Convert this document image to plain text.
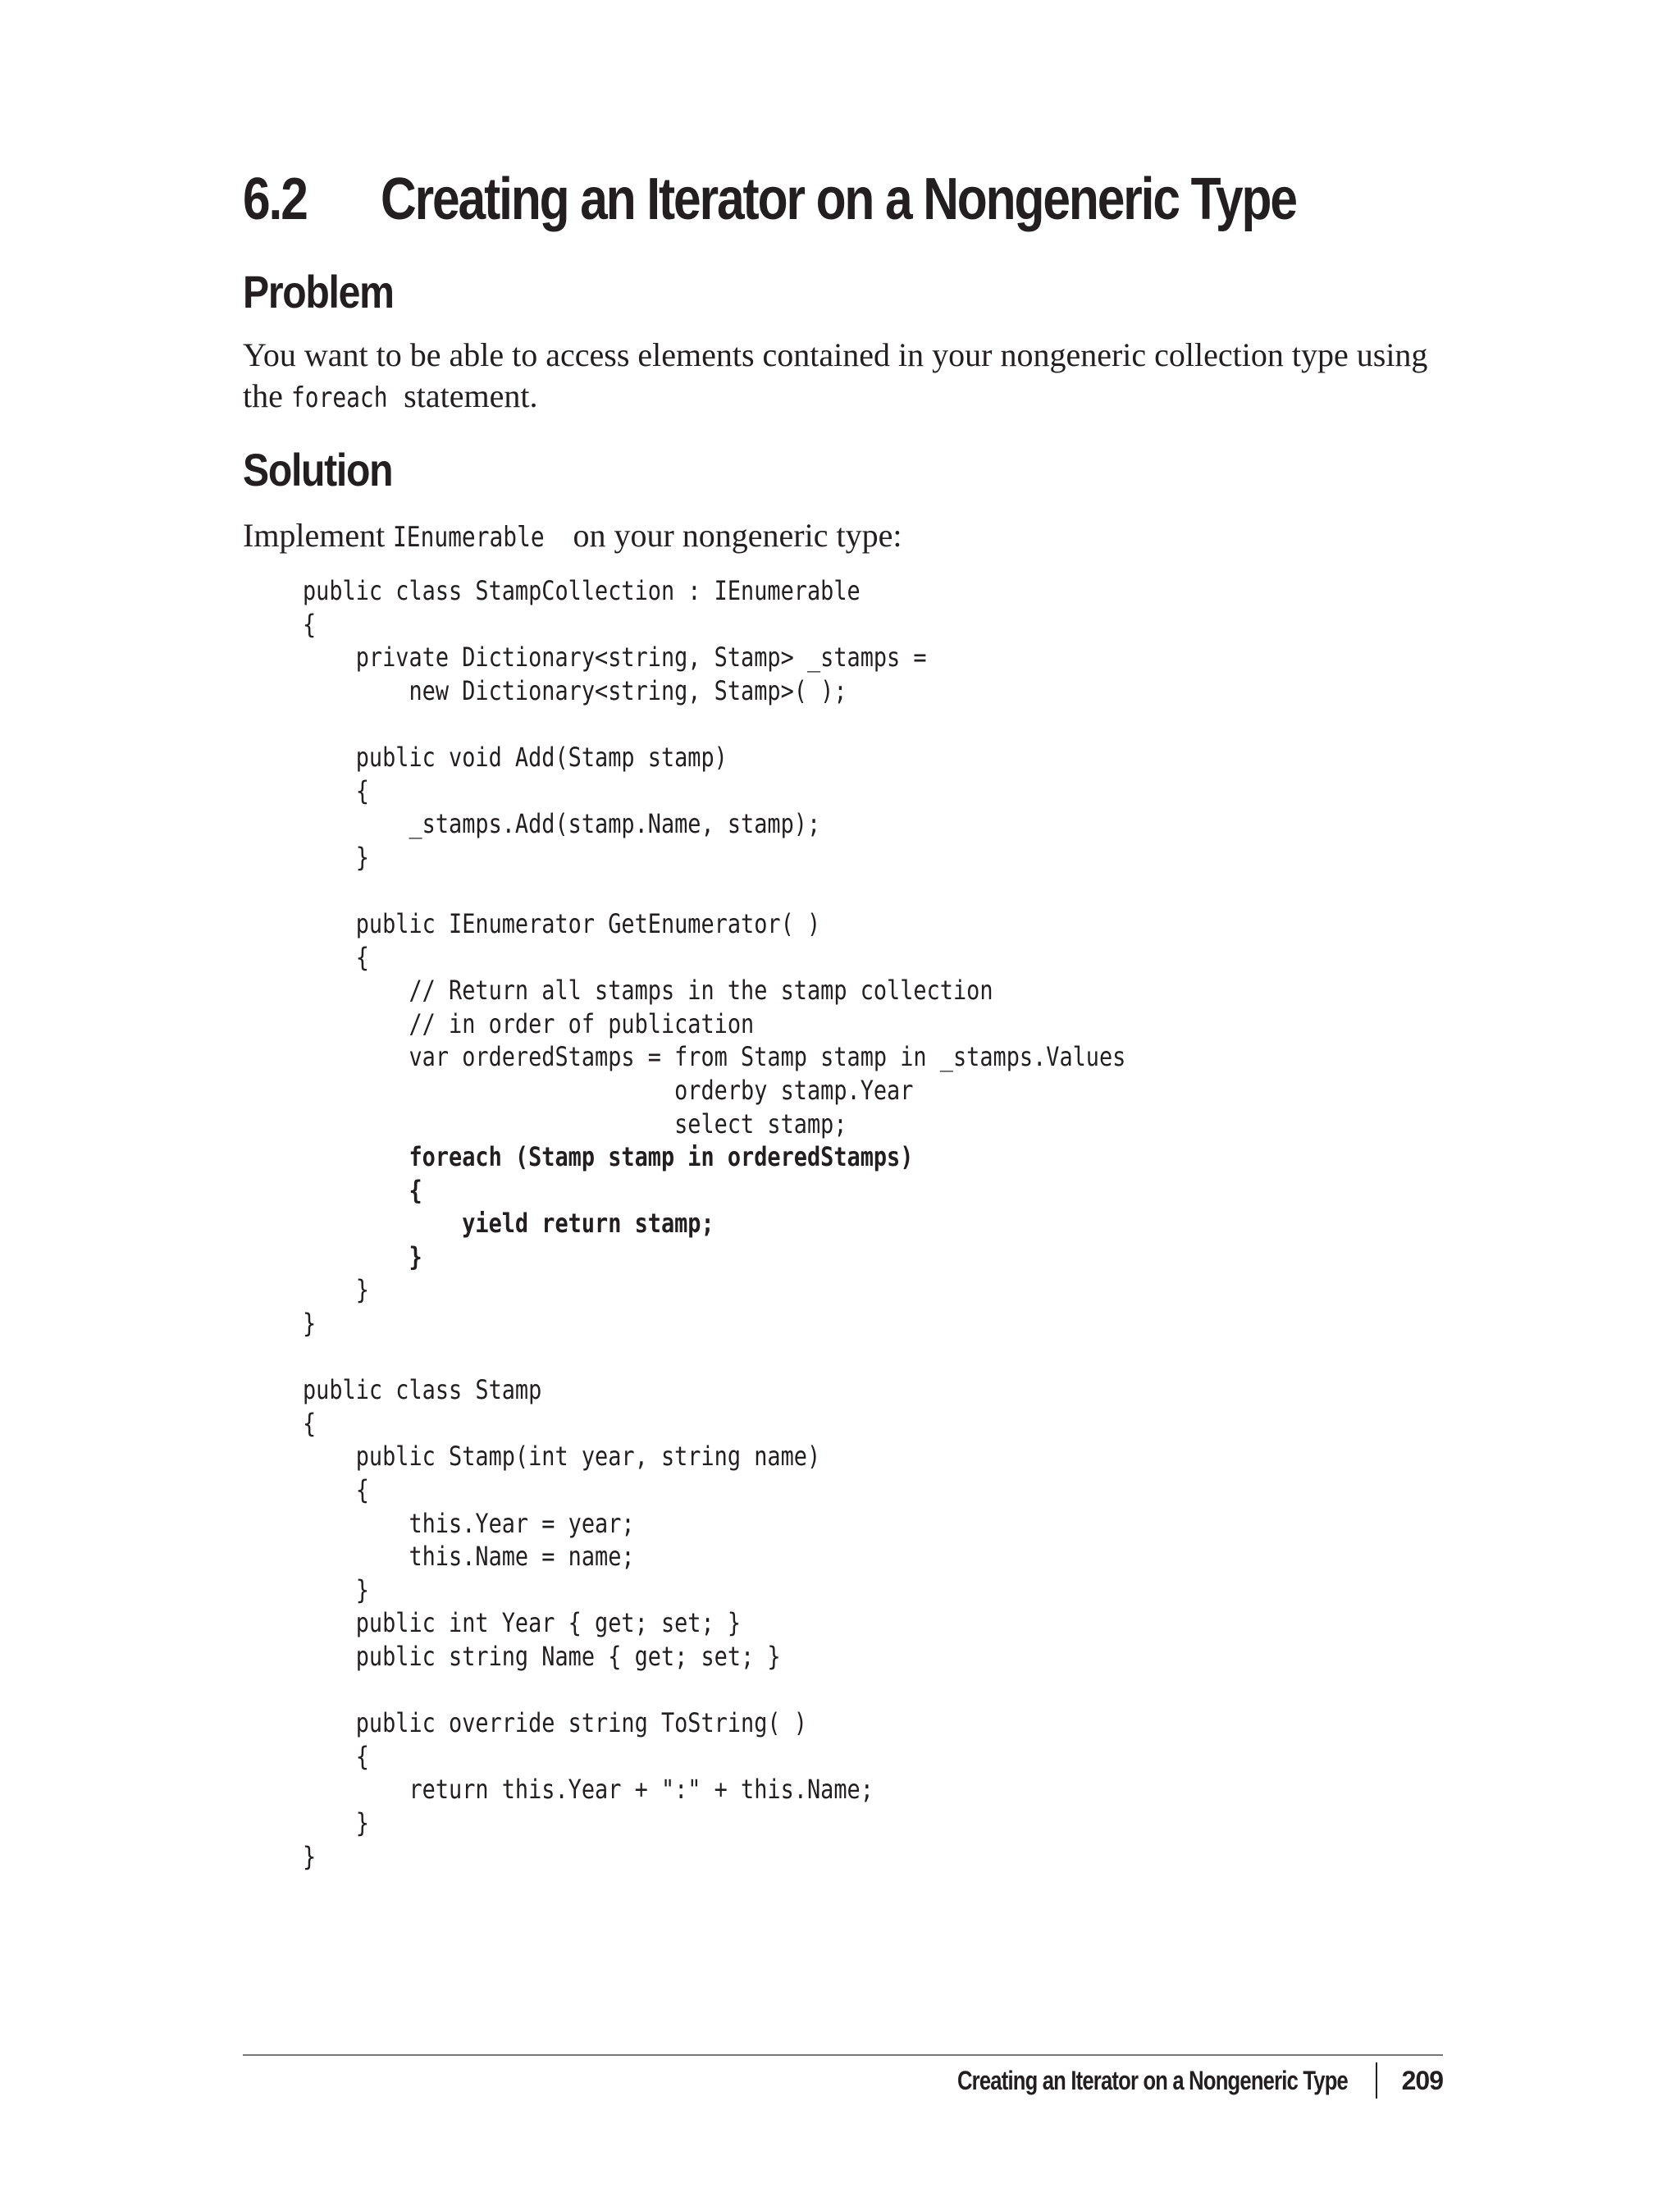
6.2 Creating an Iterator on a Nongeneric Type
Problem

You want to be able to access elements contained in your nongeneric collection type using the foreach statement.

Solution

Implement IEnumerable on your nongeneric type:

public class StampCollection : IEnumerable
{
private Dictionary<string, Stamp> _stamps =
new Dictionary<string, Stamp>( );
public void Add(Stamp stamp)
{
_stamps.Add(stamp.Name, stamp);
}
public IEnumerator GetEnumerator( )
{
// Return all stamps in the stamp collection
// in order of publication
var orderedStamps = from Stamp stamp in _stamps.Values
orderby stamp.Year
select stamp;
foreach (Stamp stamp in orderedStamps)
{
yield return stamp;
}
}
}
public class Stamp
{
public Stamp(int year, string name)
{
this.Year = year;
this.Name = name;
}
public int Year { get; set; }
public string Name { get; set; }
public override string ToString( )
{
return this.Year + ":" + this.Name;
}
}
Creating an Iterator on a Nongeneric Type 209
